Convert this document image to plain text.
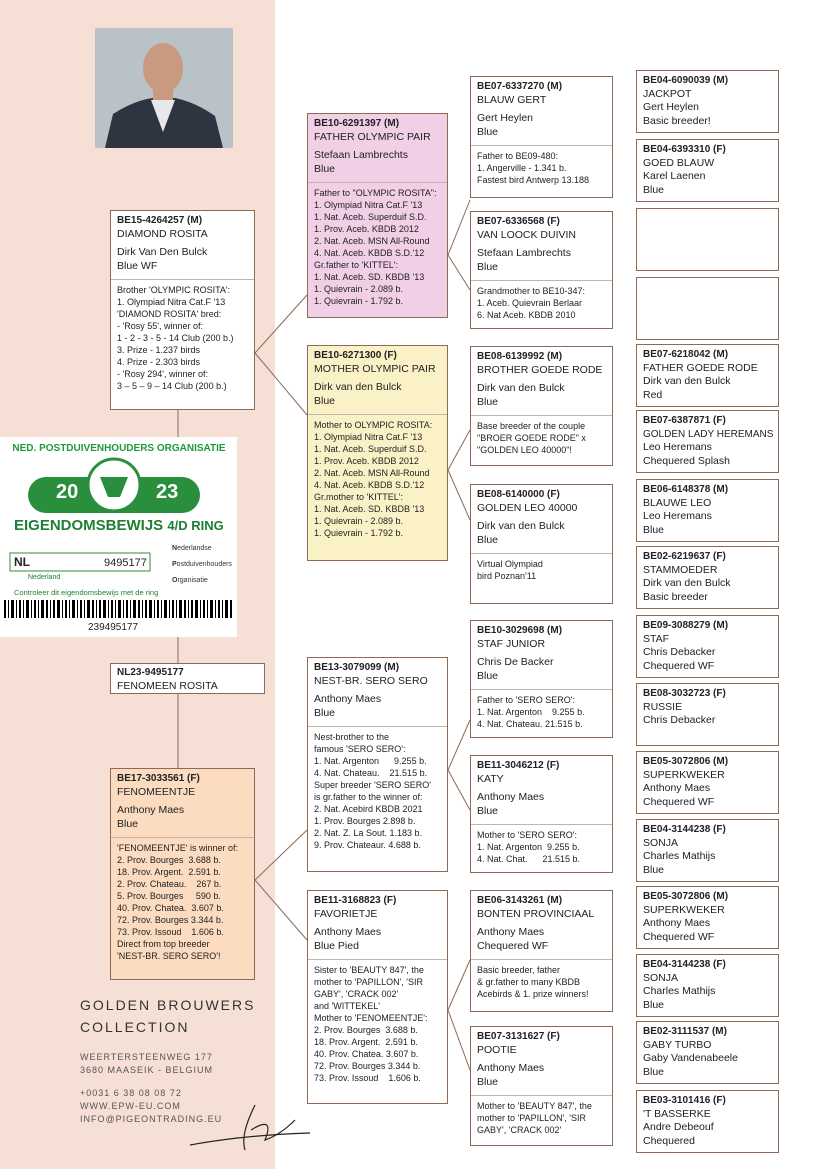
BE15-4264257 (M)
DIAMOND ROSITA
Dirk Van Den Bulck
Blue WF
Brother 'OLYMPIC ROSITA':
1. Olympiad Nitra Cat.F '13
'DIAMOND ROSITA' bred:
- 'Rosy 55', winner of:
1 - 2 - 3 - 5 - 14 Club (200 b.)
3. Prize - 1.237 birds
4. Prize - 2.303 birds
- 'Rosy 294', winner of:
3 – 5 – 9 – 14 Club (200 b.)
NED. POSTDUIVENHOUDERS ORGANISATIE
20	23
EIGENDOMSBEWIJS 4/D RING
NL	9495177
Nederlandse
Postduivenhouders
Organisatie
Nederland
Controleer dit eigendomsbewijs met de ring
239495177
NL23-9495177
FENOMEEN ROSITA
BE17-3033561 (F)
FENOMEENTJE
Anthony Maes
Blue
'FENOMEENTJE' is winner of:
2. Prov. Bourges  3.688 b.
18. Prov. Argent.  2.591 b.
2. Prov. Chateau.    267 b.
5. Prov. Bourges     590 b.
40. Prov. Chatea.  3.607 b.
72. Prov. Bourges 3.344 b.
73. Prov. Issoud    1.606 b.
Direct from top breeder
'NEST-BR. SERO SERO'!
GOLDEN BROUWERS
COLLECTION
WEERTERSTEENWEG 177
3680 MAASEIK - BELGIUM
+0031 6 38 08 08 72
WWW.EPW-EU.COM
INFO@PIGEONTRADING.EU
BE10-6291397 (M)
FATHER OLYMPIC PAIR
Stefaan Lambrechts
Blue
Father to "OLYMPIC ROSITA":
1. Olympiad Nitra Cat.F '13
1. Nat. Aceb. Superduif S.D.
1. Prov. Aceb. KBDB 2012
2. Nat. Aceb. MSN All-Round
4. Nat. Aceb. KBDB S.D.'12
Gr.father to 'KITTEL':
1. Nat. Aceb. SD. KBDB '13
1. Quievrain - 2.089 b.
1. Quievrain - 1.792 b.
BE10-6271300 (F)
MOTHER OLYMPIC PAIR
Dirk van den Bulck
Blue
Mother to OLYMPIC ROSITA:
1. Olympiad Nitra Cat.F '13
1. Nat. Aceb. Superduif S.D.
1. Prov. Aceb. KBDB 2012
2. Nat. Aceb. MSN All-Round
4. Nat. Aceb. KBDB S.D.'12
Gr.mother to 'KITTEL':
1. Nat. Aceb. SD. KBDB '13
1. Quievrain - 2.089 b.
1. Quievrain - 1.792 b.
BE13-3079099 (M)
NEST-BR. SERO SERO
Anthony Maes
Blue
Nest-brother to the
famous 'SERO SERO':
1. Nat. Argenton      9.255 b.
4. Nat. Chateau.    21.515 b.
Super breeder 'SERO SERO'
is gr.father to the winner of:
2. Nat. Acebird KBDB 2021
1. Prov. Bourges 2.898 b.
2. Nat. Z. La Sout. 1.183 b.
9. Prov. Chateaur. 4.688 b.
BE11-3168823 (F)
FAVORIETJE
Anthony Maes
Blue Pied
Sister to 'BEAUTY 847', the
mother to 'PAPILLON', 'SIR
GABY', 'CRACK 002'
and 'WITTEKEL'
Mother to 'FENOMEENTJE':
2. Prov. Bourges  3.688 b.
18. Prov. Argent.  2.591 b.
40. Prov. Chatea. 3.607 b.
72. Prov. Bourges 3.344 b.
73. Prov. Issoud    1.606 b.
BE07-6337270 (M)
BLAUW GERT
Gert Heylen
Blue
Father to BE09-480:
1. Angerville - 1.341 b.
Fastest bird Antwerp 13.188
BE07-6336568 (F)
VAN LOOCK DUIVIN
Stefaan Lambrechts
Blue
Grandmother to BE10-347:
1. Aceb. Quievrain Berlaar
6. Nat Aceb. KBDB 2010
BE08-6139992 (M)
BROTHER GOEDE RODE
Dirk van den Bulck
Blue
Base breeder of the couple
"BROER GOEDE RODE" x
"GOLDEN LEO 40000"!
BE08-6140000 (F)
GOLDEN LEO 40000
Dirk van den Bulck
Blue
Virtual Olympiad
bird Poznan'11
BE10-3029698 (M)
STAF JUNIOR
Chris De Backer
Blue
Father to 'SERO SERO':
1. Nat. Argenton    9.255 b.
4. Nat. Chateau. 21.515 b.
BE11-3046212 (F)
KATY
Anthony Maes
Blue
Mother to 'SERO SERO':
1. Nat. Argenton  9.255 b.
4. Nat. Chat.      21.515 b.
BE06-3143261 (M)
BONTEN PROVINCIAAL
Anthony Maes
Chequered WF
Basic breeder, father
& gr.father to many KBDB
Acebirds & 1. prize winners!
BE07-3131627 (F)
POOTIE
Anthony Maes
Blue
Mother to 'BEAUTY 847', the
mother to 'PAPILLON', 'SIR
GABY', 'CRACK 002'
BE04-6090039 (M)
JACKPOT
Gert Heylen
Basic breeder!
BE04-6393310 (F)
GOED BLAUW
Karel Laenen
Blue
BE07-6218042 (M)
FATHER GOEDE RODE
Dirk van den Bulck
Red
BE07-6387871 (F)
GOLDEN LADY HEREMANS
Leo Heremans
Chequered Splash
BE06-6148378 (M)
BLAUWE LEO
Leo Heremans
Blue
BE02-6219637 (F)
STAMMOEDER
Dirk van den Bulck
Basic breeder
BE09-3088279 (M)
STAF
Chris Debacker
Chequered WF
BE08-3032723 (F)
RUSSIE
Chris Debacker
BE05-3072806 (M)
SUPERKWEKER
Anthony Maes
Chequered WF
BE04-3144238 (F)
SONJA
Charles Mathijs
Blue
BE05-3072806 (M)
SUPERKWEKER
Anthony Maes
Chequered WF
BE04-3144238 (F)
SONJA
Charles Mathijs
Blue
BE02-3111537 (M)
GABY TURBO
Gaby Vandenabeele
Blue
BE03-3101416 (F)
'T BASSERKE
Andre Debeouf
Chequered
